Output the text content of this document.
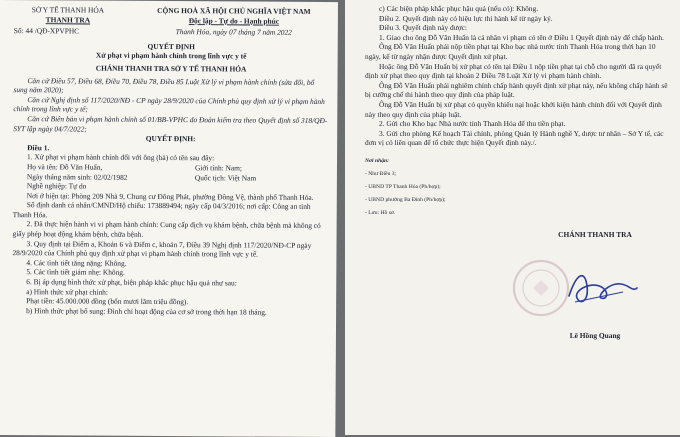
SỞ Y TẾ THANH HÓA

THANH TRA

CỘNG HOÀ XÃ HỘI CHỦ NGHĨA VIỆT NAM

Độc lập - Tự do - Hạnh phúc

Số: 44 /QĐ-XPVPHC	Thanh Hóa, ngày 07 tháng 7 năm 2022

QUYẾT ĐỊNH

Xử phạt vi phạm hành chính trong lĩnh vực y tế

CHÁNH THANH TRA SỞ Y TẾ THANH HÓA

Căn cứ Điều 57, Điều 68, Điều 70, Điều 78, Điều 85 Luật Xử lý vi phạm hành chính (sửa đổi, bổ sung năm 2020);

Căn cứ Nghị định số 117/2020/NĐ - CP ngày 28/9/2020 của Chính phủ quy định xử lý vi phạm hành chính trong lĩnh vực y tế;

Căn cứ Biên bản vi phạm hành chính số 01/BB-VPHC do Đoàn kiểm tra theo Quyết định số 318/QĐ-SYT lập ngày 04/7/2022;

QUYẾT ĐỊNH:

Điều 1.

1. Xử phạt vi phạm hành chính đối với ông (bà) có tên sau đây:

Họ và tên: Đỗ Văn Huấn,	Giới tính: Nam;
Ngày tháng năm sinh: 02/02/1982	Quốc tịch: Việt Nam

Nghề nghiệp: Tự do

Nơi ở hiện tại: Phòng 209 Nhà 9, Chung cư Đông Phát, phường Đông Vệ, thành phố Thanh Hóa.

Số định danh cá nhân/CMND/Hộ chiếu: 173889494; ngày cấp 04/3/2016; nơi cấp: Công an tỉnh Thanh Hóa.

2. Đã thực hiện hành vi vi phạm hành chính: Cung cấp dịch vụ khám bệnh, chữa bệnh mà không có giấy phép hoạt động khám bệnh, chữa bệnh.

3. Quy định tại Điểm a, Khoản 6 và Điểm c, khoản 7, Điều 39 Nghị định 117/2020/NĐ-CP ngày 28/9/2020 của Chính phủ quy định xử phạt vi phạm hành chính trong lĩnh vực y tế.

4. Các tình tiết tăng nặng: Không.

5. Các tình tiết giảm nhẹ: Không.

6. Bị áp dụng hình thức xử phạt, biện pháp khắc phục hậu quả như sau:

a) Hình thức xử phạt chính:

Phạt tiền: 45.000.000 đồng (bốn mươi lăm triệu đồng).

b) Hình thức phạt bổ sung: Đình chỉ hoạt động của cơ sở trong thời hạn 18 tháng.

c) Các biện pháp khắc phục hậu quả (nếu có): Không.

Điều 2. Quyết định này có hiệu lực thi hành kể từ ngày ký.

Điều 3. Quyết định này được:

1. Giao cho ông Đỗ Văn Huấn là cá nhân vi phạm có tên ở Điều 1 Quyết định này để chấp hành.

Ông Đỗ Văn Huấn phải nộp tiền phạt tại Kho bạc nhà nước tỉnh Thanh Hóa trong thời hạn 10 ngày, kể từ ngày nhận được Quyết định xử phạt.

Hoặc ông Đỗ Văn Huấn bị xử phạt có tên tại Điều 1 nộp tiền phạt tại chỗ cho người đã ra quyết định xử phạt theo quy định tại khoản 2 Điều 78 Luật Xử lý vi phạm hành chính.

Ông Đỗ Văn Huấn phải nghiêm chỉnh chấp hành quyết định xử phạt này, nếu không chấp hành sẽ bị cưỡng chế thi hành theo quy định của pháp luật.

Ông Đỗ Văn Huấn bị xử phạt có quyền khiếu nại hoặc khởi kiện hành chính đối với Quyết định này theo quy định của pháp luật.

2. Gửi cho Kho bạc Nhà nước tỉnh Thanh Hóa để thu tiền phạt.

3. Gửi cho phòng Kế hoạch Tài chính, phòng Quản lý Hành nghề Y, dược tư nhân – Sở Y tế, các đơn vị có liên quan để tổ chức thực hiện Quyết định này./.

Nơi nhận:

- Như Điều 3;

- UBND TP Thanh Hóa (Ph/hợp);

- UBND phường Ba Đình (Ph/hợp);

- Lưu: Hồ sơ.

CHÁNH THANH TRA

Lê Hồng Quang
